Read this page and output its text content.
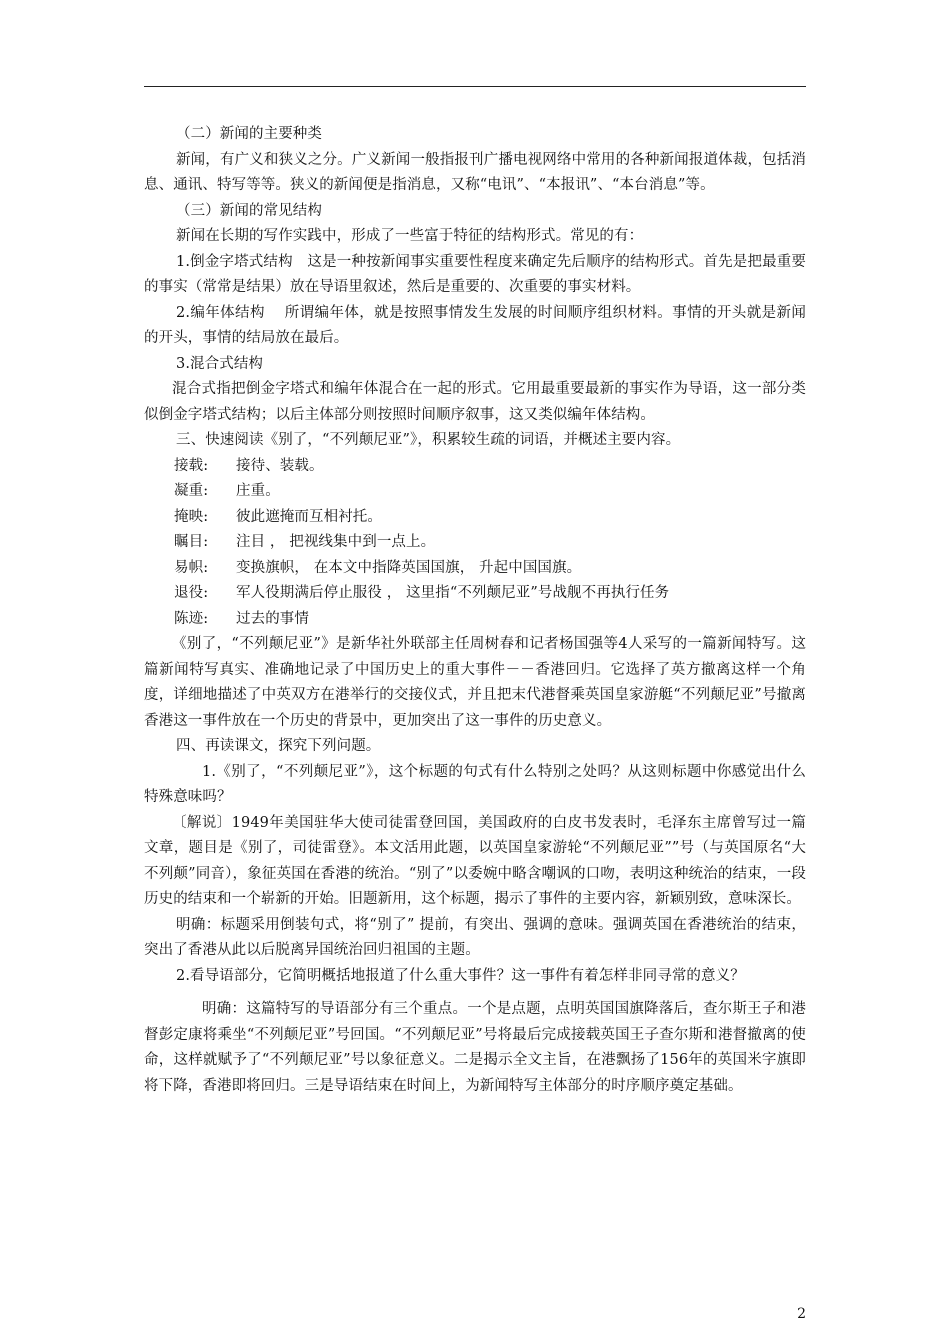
（二）新闻的主要种类

新闻，有广义和狭义之分。广义新闻一般指报刊广播电视网络中常用的各种新闻报道体裁，包括消息、通讯、特写等等。狭义的新闻便是指消息，又称“电讯”、“本报讯”、“本台消息”等。

（三）新闻的常见结构

新闻在长期的写作实践中，形成了一些富于特征的结构形式。常见的有：

1.倒金字塔式结构　这是一种按新闻事实重要性程度来确定先后顺序的结构形式。首先是把最重要的事实（常常是结果）放在导语里叙述，然后是重要的、次重要的事实材料。

2.编年体结构　 所谓编年体，就是按照事情发生发展的时间顺序组织材料。事情的开头就是新闻的开头，事情的结局放在最后。

3.混合式结构

混合式指把倒金字塔式和编年体混合在一起的形式。它用最重要最新的事实作为导语，这一部分类似倒金字塔式结构；以后主体部分则按照时间顺序叙事，这又类似编年体结构。

三、快速阅读《别了，“不列颠尼亚”》，积累较生疏的词语，并概述主要内容。

接载: 接待、装载。

凝重: 庄重。

掩映: 彼此遮掩而互相衬托。

瞩目: 注目 ， 把视线集中到一点上。

易帜: 变换旗帜， 在本文中指降英国国旗， 升起中国国旗。

退役: 军人役期满后停止服役 ， 这里指“不列颠尼亚”号战舰不再执行任务

陈迹: 过去的事情

《别了，“不列颠尼亚”》是新华社外联部主任周树春和记者杨国强等4人采写的一篇新闻特写。这篇新闻特写真实、准确地记录了中国历史上的重大事件－－香港回归。它选择了英方撤离这样一个角度，详细地描述了中英双方在港举行的交接仪式，并且把末代港督乘英国皇家游艇“不列颠尼亚”号撤离香港这一事件放在一个历史的背景中，更加突出了这一事件的历史意义。

四、再读课文，探究下列问题。

1.《别了，“不列颠尼亚”》，这个标题的句式有什么特别之处吗？从这则标题中你感觉出什么特殊意味吗？

〔解说〕1949年美国驻华大使司徒雷登回国，美国政府的白皮书发表时，毛泽东主席曾写过一篇文章，题目是《别了，司徒雷登》。本文活用此题，以英国皇家游轮“不列颠尼亚””号（与英国原名“大不列颠”同音），象征英国在香港的统治。“别了”以委婉中略含嘲讽的口吻，表明这种统治的结束，一段历史的结束和一个崭新的开始。旧题新用，这个标题，揭示了事件的主要内容，新颖别致，意味深长。

明确：标题采用倒装句式，将“别了” 提前，有突出、强调的意味。强调英国在香港统治的结束，突出了香港从此以后脱离异国统治回归祖国的主题。

2.看导语部分，它简明概括地报道了什么重大事件？这一事件有着怎样非同寻常的意义？

明确：这篇特写的导语部分有三个重点。一个是点题，点明英国国旗降落后，查尔斯王子和港督彭定康将乘坐“不列颠尼亚”号回国。“不列颠尼亚”号将最后完成接载英国王子查尔斯和港督撤离的使命，这样就赋予了“不列颠尼亚”号以象征意义。二是揭示全文主旨，在港飘扬了156年的英国米字旗即将下降，香港即将回归。三是导语结束在时间上，为新闻特写主体部分的时序顺序奠定基础。

2
